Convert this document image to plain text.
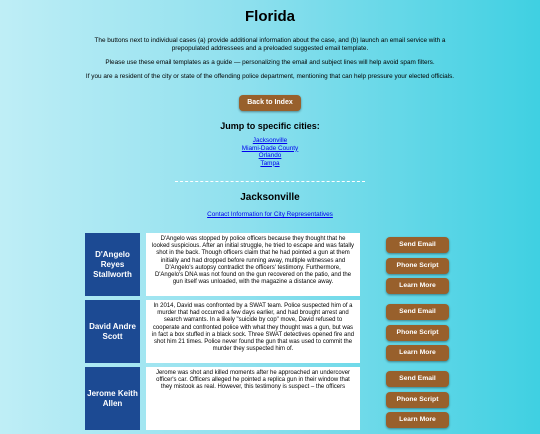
Florida

The buttons next to individual cases (a) provide additional information about the case, and (b) launch an email service with a prepopulated addressees and a preloaded suggested email template.

Please use these email templates as a guide — personalizing the email and subject lines will help avoid spam filters.

If you are a resident of the city or state of the offending police department, mentioning that can help pressure your elected officials.

Back to Index
Jump to specific cities:
Jacksonville
Miami-Dade County
Orlando
Tampa
Jacksonville
Contact Information for City Representatives
D'Angelo Reyes Stallworth
D'Angelo was stopped by police officers because they thought that he looked suspicious. After an initial struggle, he tried to escape and was fatally shot in the back. Though officers claim that he had pointed a gun at them initially and had dropped before running away, multiple witnesses and D'Angelo's autopsy contradict the officers' testimony. Furthermore, D'Angelo's DNA was not found on the gun recovered on the patio, and the gun itself was unloaded, with the magazine a distance away.
Send Email
Phone Script
Learn More
David Andre Scott
In 2014, David was confronted by a SWAT team. Police suspected him of a murder that had occurred a few days earlier, and had brought arrest and search warrants. In a likely "suicide by cop" move, David refused to cooperate and confronted police with what they thought was a gun, but was in fact a box stuffed in a black sock. Three SWAT detectives opened fire and shot him 21 times. Police never found the gun that was used to commit the murder they suspected him of.
Send Email
Phone Script
Learn More
Jerome Keith Allen
Jerome was shot and killed moments after he approached an undercover officer's car. Officers alleged he pointed a replica gun in their window that they mistook as real. However, this testimony is suspect – the officers
Send Email
Phone Script
Learn More
